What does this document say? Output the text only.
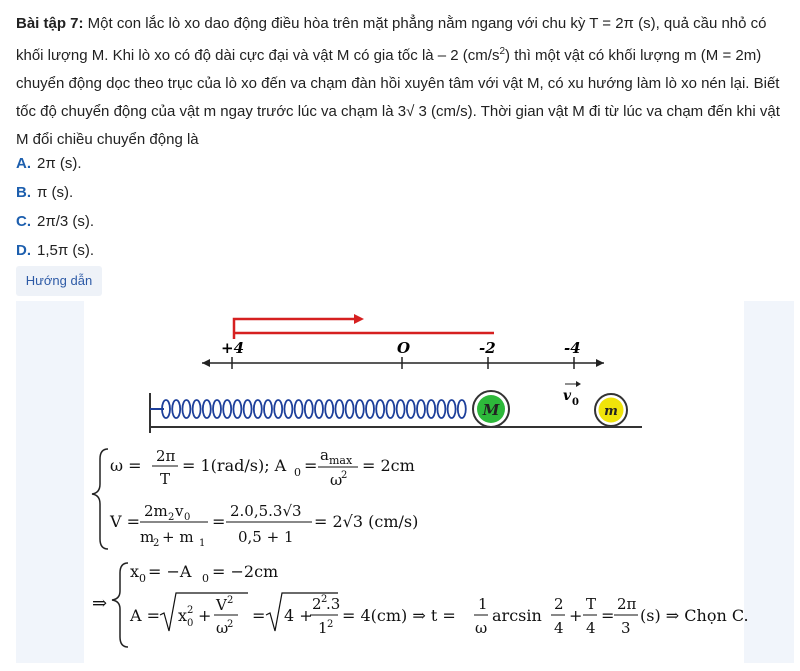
Bài tập 7: Một con lắc lò xo dao động điều hòa trên mặt phẳng nằm ngang với chu kỳ T = 2π (s), quả cầu nhỏ có
khối lượng M. Khi lò xo có độ dài cực đại và vật M có gia tốc là – 2 $(cm/s^2)$ thì một vật có khối lượng m (M = 2m)
chuyển động dọc theo trục của lò xo đến va chạm đàn hồi xuyên tâm với vật M, có xu hướng làm lò xo nén lại. Biết
tốc độ chuyển động của vật m ngay trước lúc va chạm là 3√ 3 (cm/s). Thời gian vật M đi từ lúc va chạm đến khi vật
M đổi chiều chuyển động là
A. 2π (s).
B. π (s).
C. 2π/3 (s).
D. 1,5π (s).
Hướng dẫn
+4	O	-2	-4
M
v 0
m
ω = 2π
T
= 1(rad/s); A 0 =
a max
ω
2
= 2cm
V =
2m 2 v 0
m
2 + m 1
=
2.0,5.3√3
0,5 + 1
= 2√3 (cm/s)
⇒
x 0 = −A 0 = −2cm
A = x 0
2 +
V 2
ω
2 = 4 +
2 2
.3
1 2 = 4(cm) ⇒ t =
1
ω
arcsin
2
4
+
T
4
=
2π
3
(s) ⇒ Chọn C.
